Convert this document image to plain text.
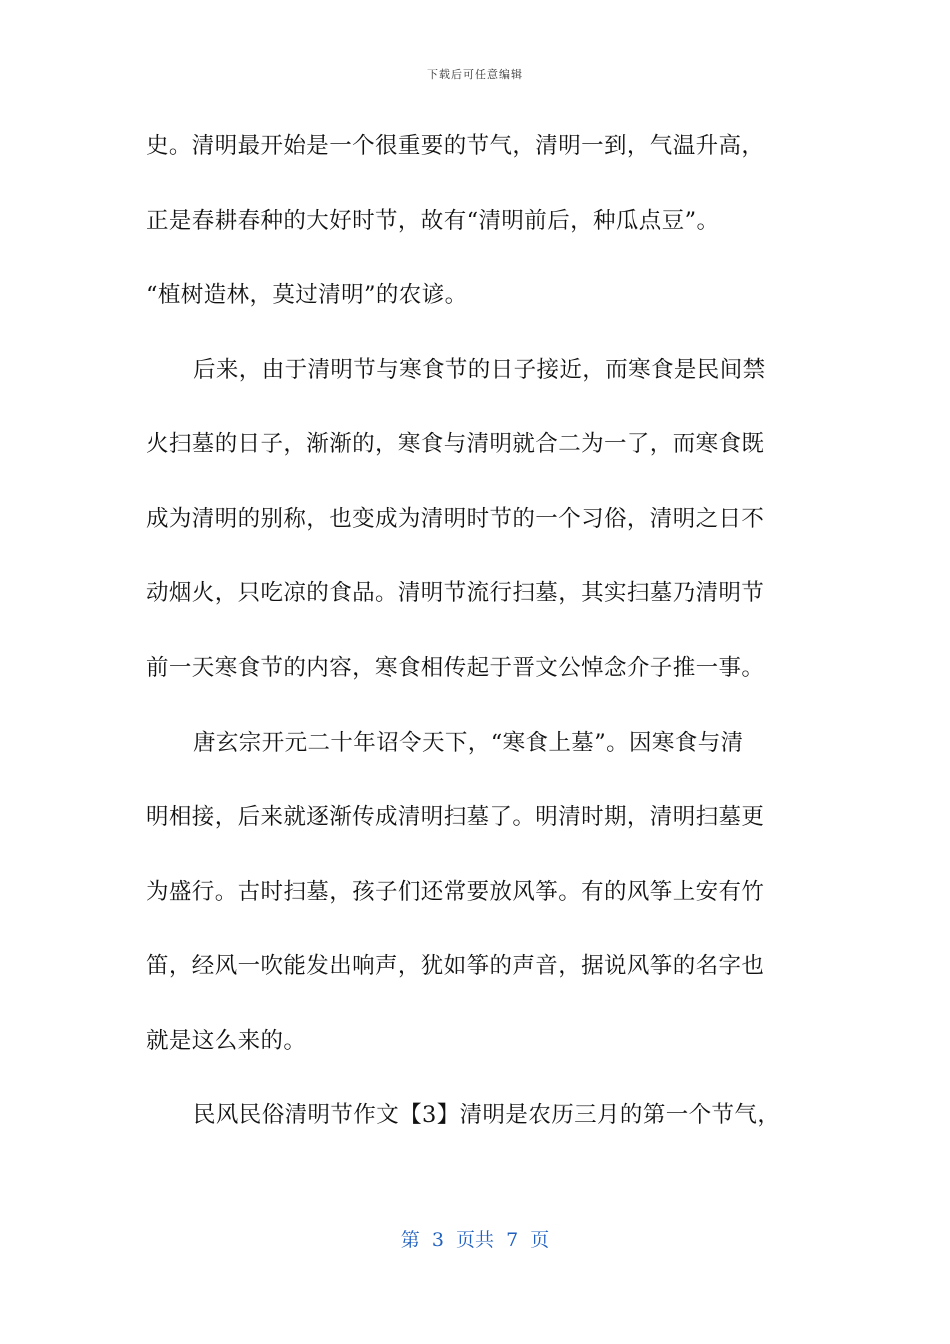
下载后可任意编辑
史。清明最开始是一个很重要的节气，清明一到，气温升高，
正是春耕春种的大好时节，故有“清明前后，种瓜点豆”。
“植树造林，莫过清明”的农谚。
后来，由于清明节与寒食节的日子接近，而寒食是民间禁
火扫墓的日子，渐渐的，寒食与清明就合二为一了，而寒食既
成为清明的别称，也变成为清明时节的一个习俗，清明之日不
动烟火，只吃凉的食品。清明节流行扫墓，其实扫墓乃清明节
前一天寒食节的内容，寒食相传起于晋文公悼念介子推一事。
唐玄宗开元二十年诏令天下，“寒食上墓”。因寒食与清
明相接，后来就逐渐传成清明扫墓了。明清时期，清明扫墓更
为盛行。古时扫墓，孩子们还常要放风筝。有的风筝上安有竹
笛，经风一吹能发出响声，犹如筝的声音，据说风筝的名字也
就是这么来的。
民风民俗清明节作文【3】清明是农历三月的第一个节气，
第  3  页共  7  页
